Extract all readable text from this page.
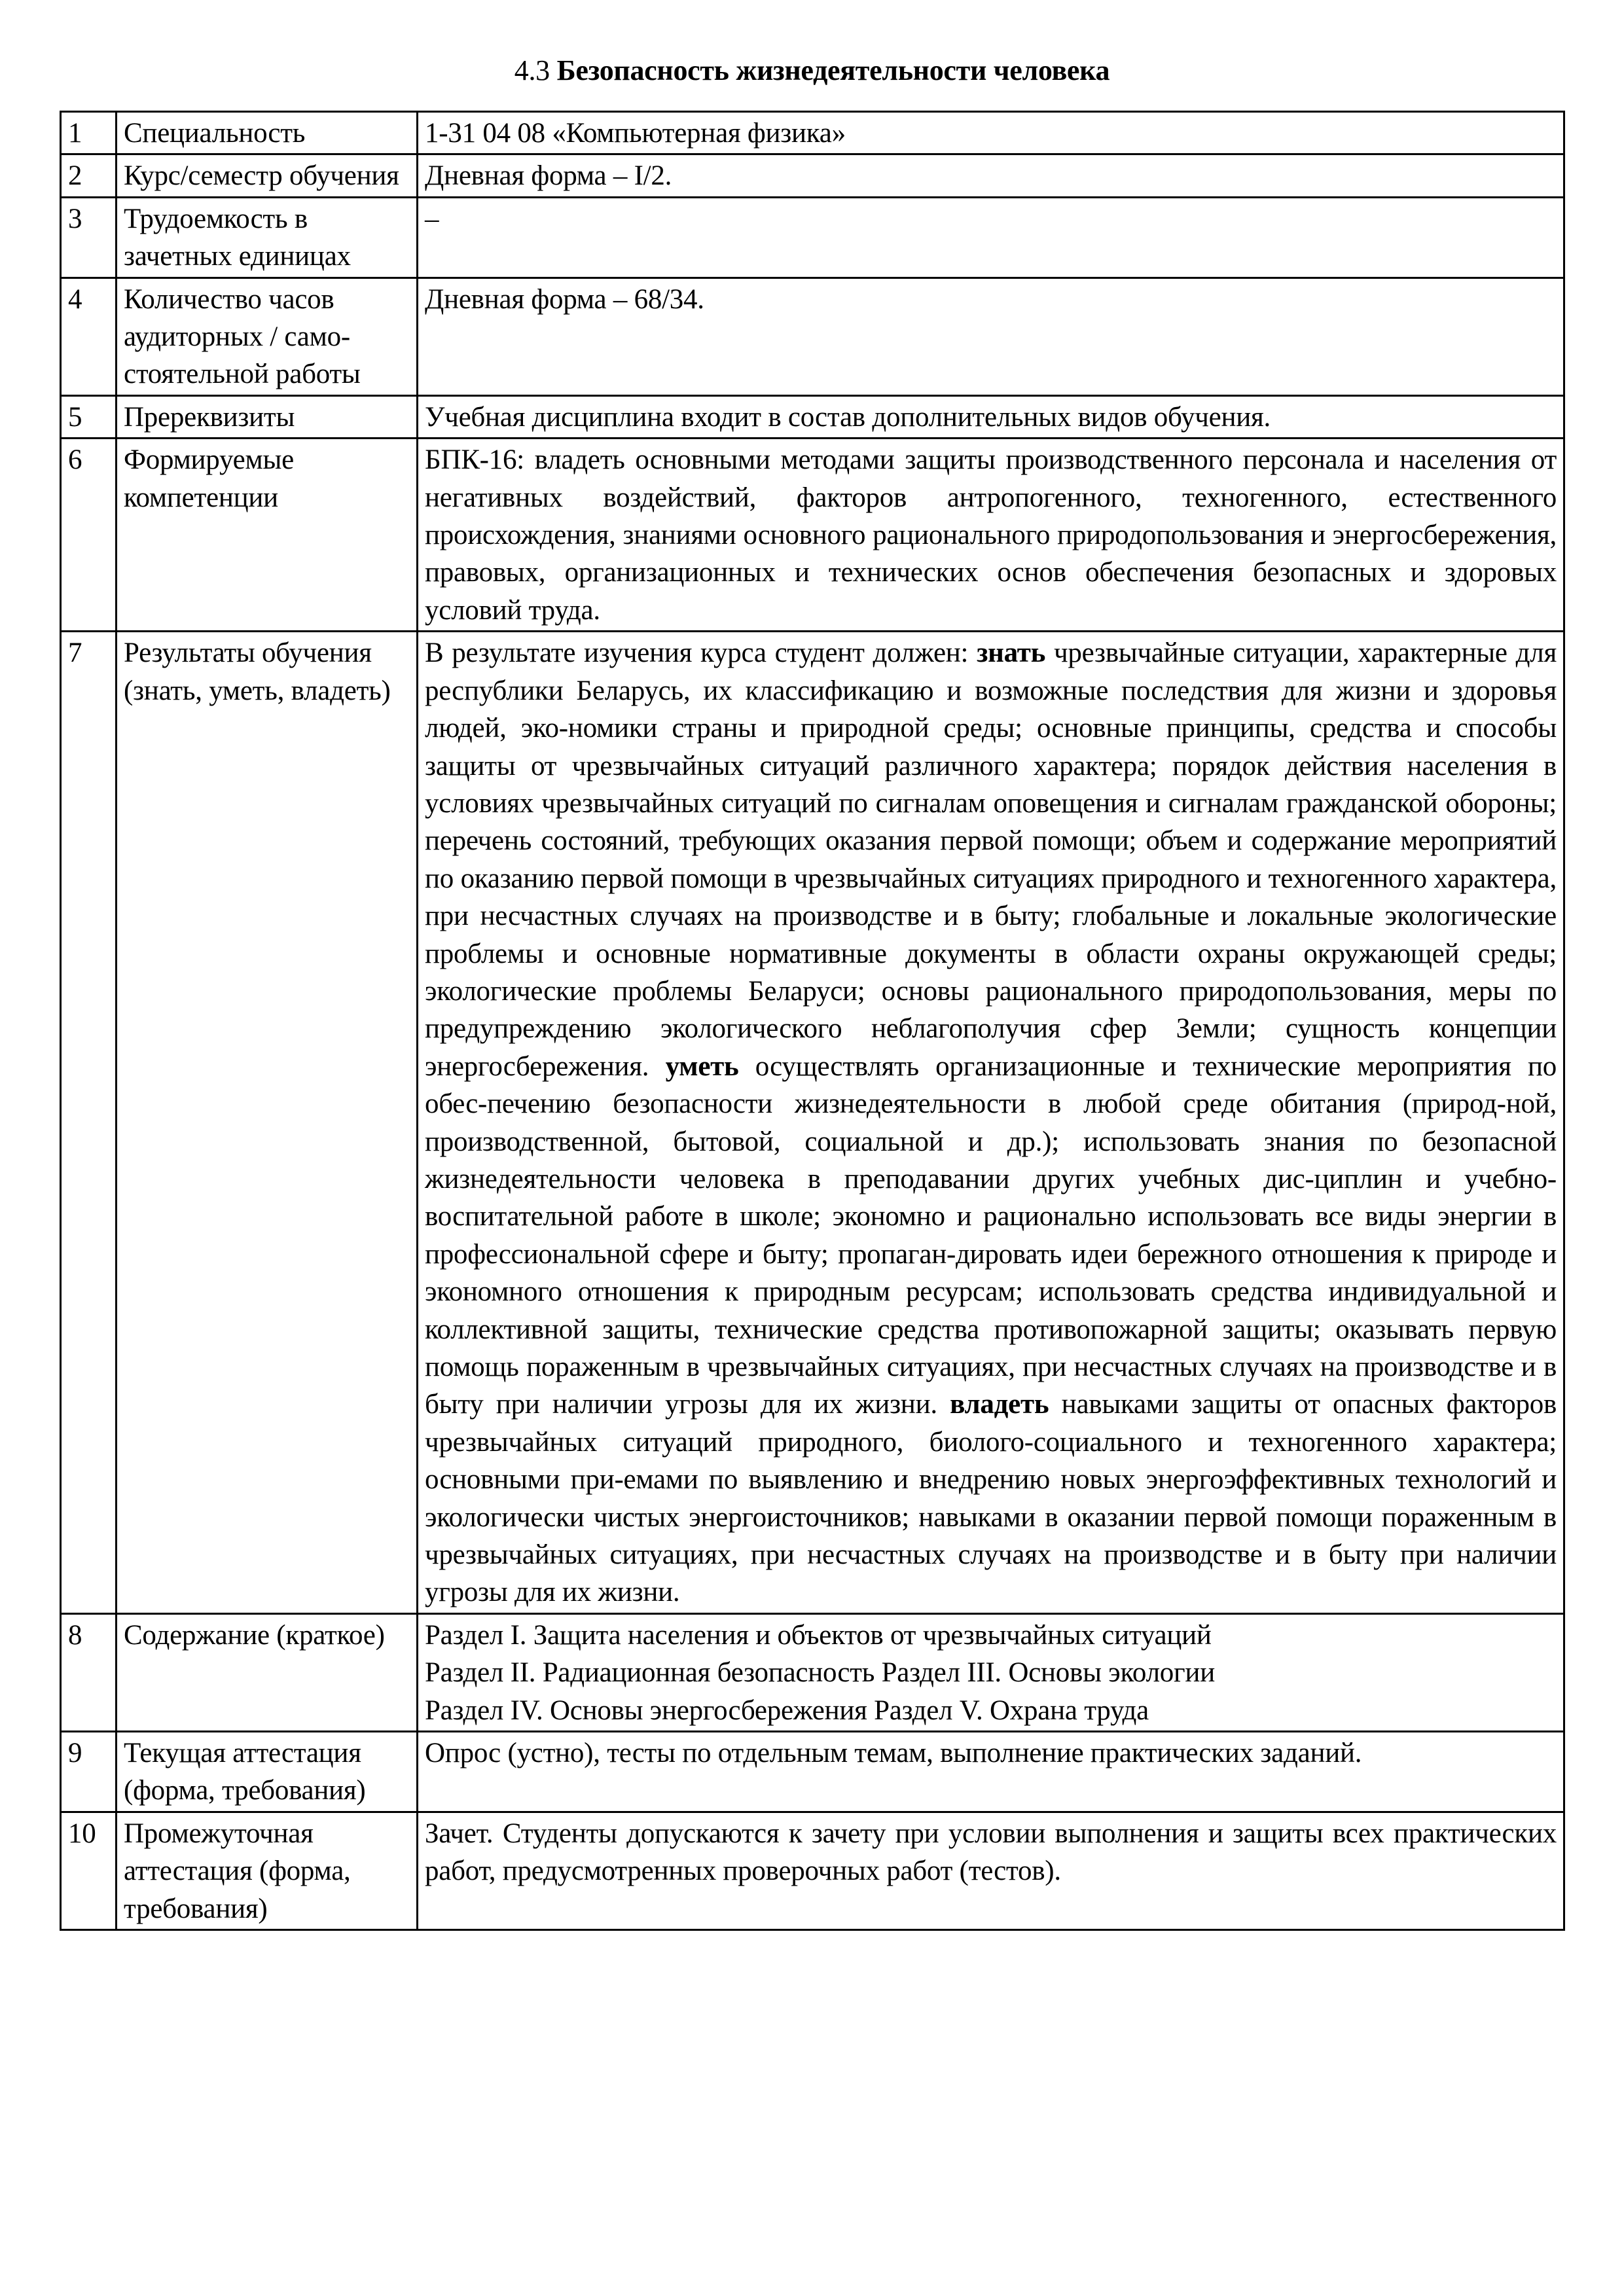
4.3 Безопасность жизнедеятельности человека
1	Специальность	1-31 04 08 «Компьютерная физика»
2	Курс/семестр обучения	Дневная форма – I/2.
3	Трудоемкость в зачетных единицах	–
4	Количество часов аудиторных / само-стоятельной работы	Дневная форма – 68/34.
5	Пререквизиты	Учебная дисциплина входит в состав дополнительных видов обучения.
6	Формируемые компетенции	БПК-16: владеть основными методами защиты производственного персонала и населения от негативных воздействий, факторов антропогенного, техногенного, естественного происхождения, знаниями основного рационального природопользования и энергосбережения, правовых, организационных и технических основ обеспечения безопасных и здоровых условий труда.
7	Результаты обучения (знать, уметь, владеть)	В результате изучения курса студент должен: знать чрезвычайные ситуации, характерные для республики Беларусь, их классификацию и возможные последствия для жизни и здоровья людей, эко-номики страны и природной среды; основные принципы, средства и способы защиты от чрезвычайных ситуаций различного характера; порядок действия населения в условиях чрезвычайных ситуаций по сигналам оповещения и сигналам гражданской обороны; перечень состояний, требующих оказания первой помощи; объем и содержание мероприятий по оказанию первой помощи в чрезвычайных ситуациях природного и техногенного характера, при несчастных случаях на производстве и в быту; глобальные и локальные экологические проблемы и основные нормативные документы в области охраны окружающей среды; экологические проблемы Беларуси; основы рационального природопользования, меры по предупреждению экологического неблагополучия сфер Земли; сущность концепции энергосбережения. уметь осуществлять организационные и технические мероприятия по обес-печению безопасности жизнедеятельности в любой среде обитания (природ-ной, производственной, бытовой, социальной и др.); использовать знания по безопасной жизнедеятельности человека в преподавании других учебных дис-циплин и учебно-воспитательной работе в школе; экономно и рационально использовать все виды энергии в профессиональной сфере и быту; пропаган-дировать идеи бережного отношения к природе и экономного отношения к природным ресурсам; использовать средства индивидуальной и коллективной защиты, технические средства противопожарной защиты; оказывать первую помощь пораженным в чрезвычайных ситуациях, при несчастных случаях на производстве и в быту при наличии угрозы для их жизни. владеть навыками защиты от опасных факторов чрезвычайных ситуаций природного, биолого-социального и техногенного характера; основными при-емами по выявлению и внедрению новых энергоэффективных технологий и экологически чистых энергоисточников; навыками в оказании первой помощи пораженным в чрезвычайных ситуациях, при несчастных случаях на производстве и в быту при наличии угрозы для их жизни.
8	Содержание (краткое)	Раздел I. Защита населения и объектов от чрезвычайных ситуаций
Раздел II. Радиационная безопасность Раздел III. Основы экологии
Раздел IV. Основы энергосбережения Раздел V. Охрана труда

9	Текущая аттестация (форма, требования)	Опрос (устно), тесты по отдельным темам, выполнение практических заданий.
10	Промежуточная аттестация (форма, требования)	Зачет. Студенты допускаются к зачету при условии выполнения и защиты всех практических работ, предусмотренных проверочных работ (тестов).
